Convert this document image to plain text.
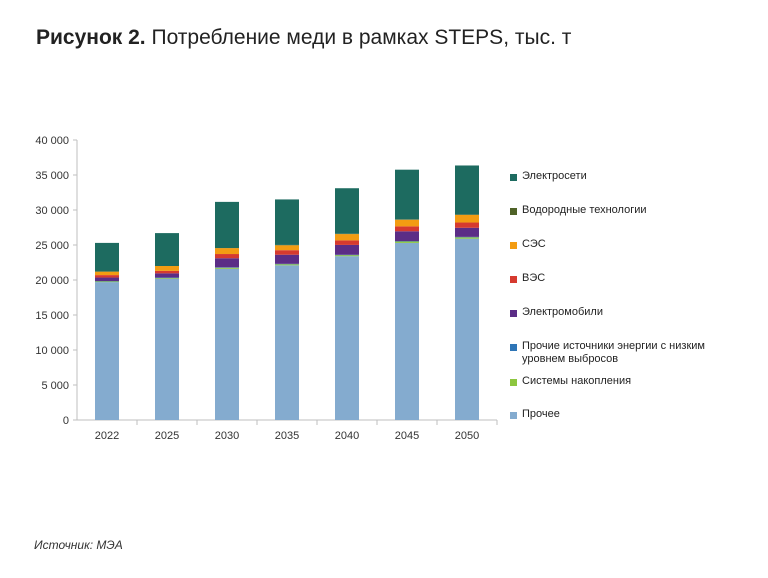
Рисунок 2. Потребление меди в рамках STEPS, тыс. т
0
5 000
10 000
15 000
20 000
25 000
30 000
35 000
40 000
2022	2025	2030	2035	2040	2045	2050
Электросети
Водородные технологии
СЭС
ВЭС
Электромобили
Прочие источники энергии с низким уровнем выбросов
Системы накопления
Прочее
Источник: МЭА
